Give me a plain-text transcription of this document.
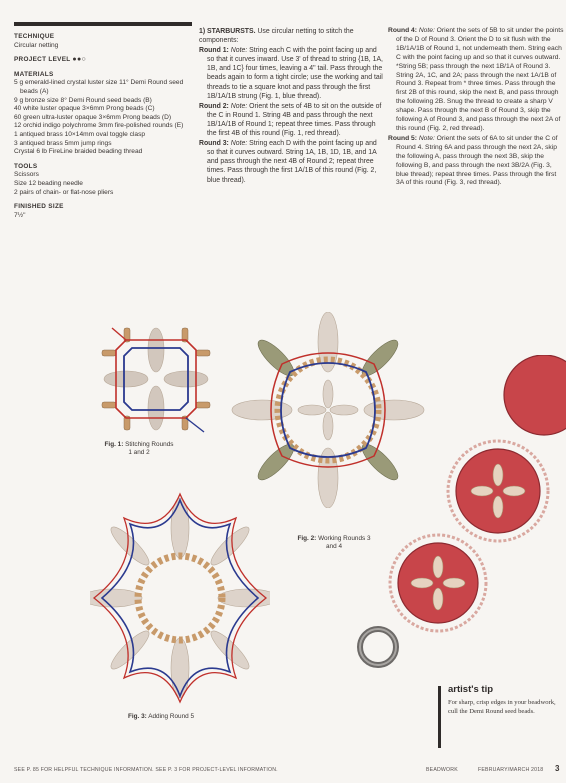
TECHNIQUE

Circular netting

PROJECT LEVEL ●●○

MATERIALS

5 g emerald-lined crystal luster size 11° Demi Round seed beads (A)

9 g bronze size 8° Demi Round seed beads (B)

40 white luster opaque 3×6mm Prong beads (C)

60 green ultra-luster opaque 3×6mm Prong beads (D)

12 orchid indigo polychrome 3mm fire-polished rounds (E)

1 antiqued brass 10×14mm oval toggle clasp

3 antiqued brass 5mm jump rings

Crystal 6 lb FireLine braided beading thread

TOOLS

Scissors

Size 12 beading needle

2 pairs of chain- or flat-nose pliers

FINISHED SIZE

7½"

1) STARBURSTS. Use circular netting to stitch the components:

Round 1: Note: String each C with the point facing up and so that it curves inward. Use 3' of thread to string {1B, 1A, 1B, and 1C} four times, leaving a 4" tail. Pass through the beads again to form a tight circle; use the working and tail threads to tie a square knot and pass through the first 1B/1A/1B strung (Fig. 1, blue thread).

Round 2: Note: Orient the sets of 4B to sit on the outside of the C in Round 1. String 4B and pass through the next 1B/1A/1B of Round 1; repeat three times. Pass through the first 4B of this round (Fig. 1, red thread).

Round 3: Note: String each D with the point facing up and so that it curves outward. String 1A, 1B, 1D, 1B, and 1A and pass through the next 4B of Round 2; repeat three times. Pass through the first 1A/1B of this round (Fig. 2, blue thread).

Round 4: Note: Orient the sets of 5B to sit under the points of the D of Round 3. Orient the D to sit flush with the 1B/1A/1B of Round 1, not underneath them. String each C with the point facing up and so that it curves outward. *String 5B; pass through the next 1B/1A of Round 3. String 2A, 1C, and 2A; pass through the next 1A/1B of Round 3. Repeat from * three times. Pass through the first 2B of this round, skip the next B, and pass through the following 2B. Snug the thread to create a sharp V shape. Pass through the next B of Round 3, skip the following A of Round 3, and pass through the next 2A of this round (Fig. 2, red thread).

Round 5: Note: Orient the sets of 6A to sit under the C of Round 4. String 6A and pass through the next 2A, skip the following A, pass through the next 3B, skip the following B, and pass through the next 3B/2A (Fig. 3, blue thread); repeat three times. Pass through the first 3A of this round (Fig. 3, red thread).

Fig. 1: Stitching Rounds 1 and 2
Fig. 2: Working Rounds 3 and 4
Fig. 3: Adding Round 5
artist's tip
For sharp, crisp edges in your beadwork, cull the Demi Round seed beads.
SEE P. 85 FOR HELPFUL TECHNIQUE INFORMATION. SEE P. 3 FOR PROJECT-LEVEL INFORMATION.	BEADWORK	FEBRUARY/MARCH 2018 3
